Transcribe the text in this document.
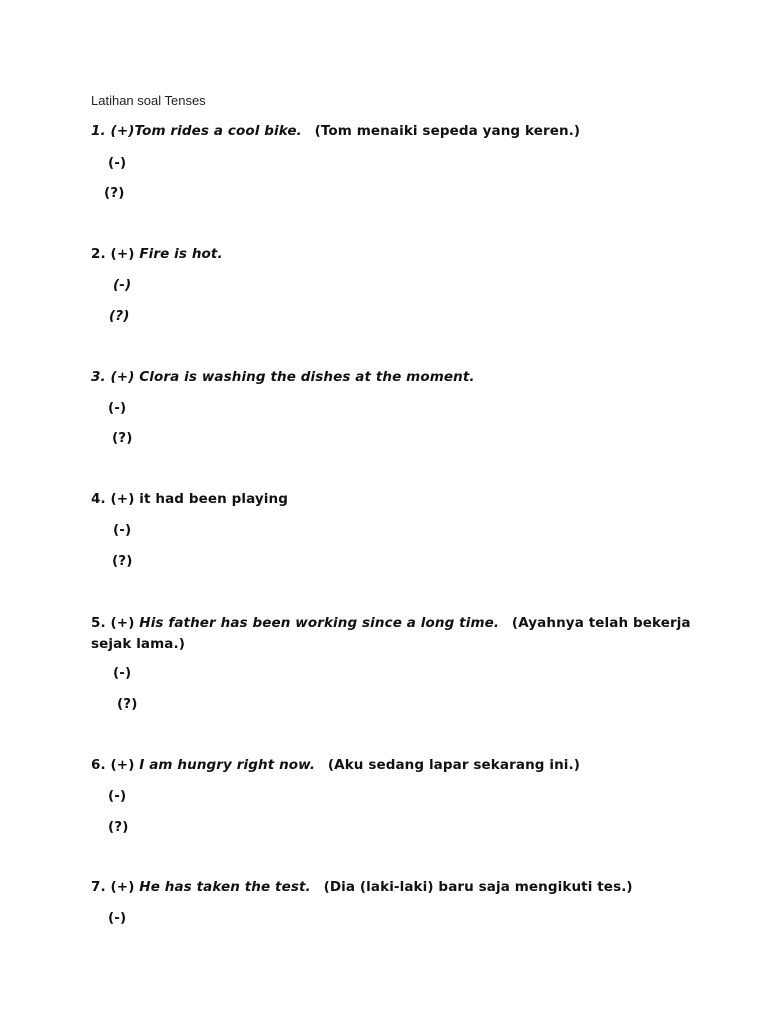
Latihan soal Tenses
1. (+)Tom rides a cool bike. (Tom menaiki sepeda yang keren.)
(-)
(?)
2. (+) Fire is hot.
(-)
(?)
3. (+) Clora is washing the dishes at the moment.
(-)
(?)
4. (+) it had been playing
(-)
(?)
5. (+) His father has been working since a long time. (Ayahnya telah bekerja sejak lama.)
(-)
(?)
6. (+) I am hungry right now. (Aku sedang lapar sekarang ini.)
(-)
(?)
7. (+) He has taken the test. (Dia (laki-laki) baru saja mengikuti tes.)
(-)
